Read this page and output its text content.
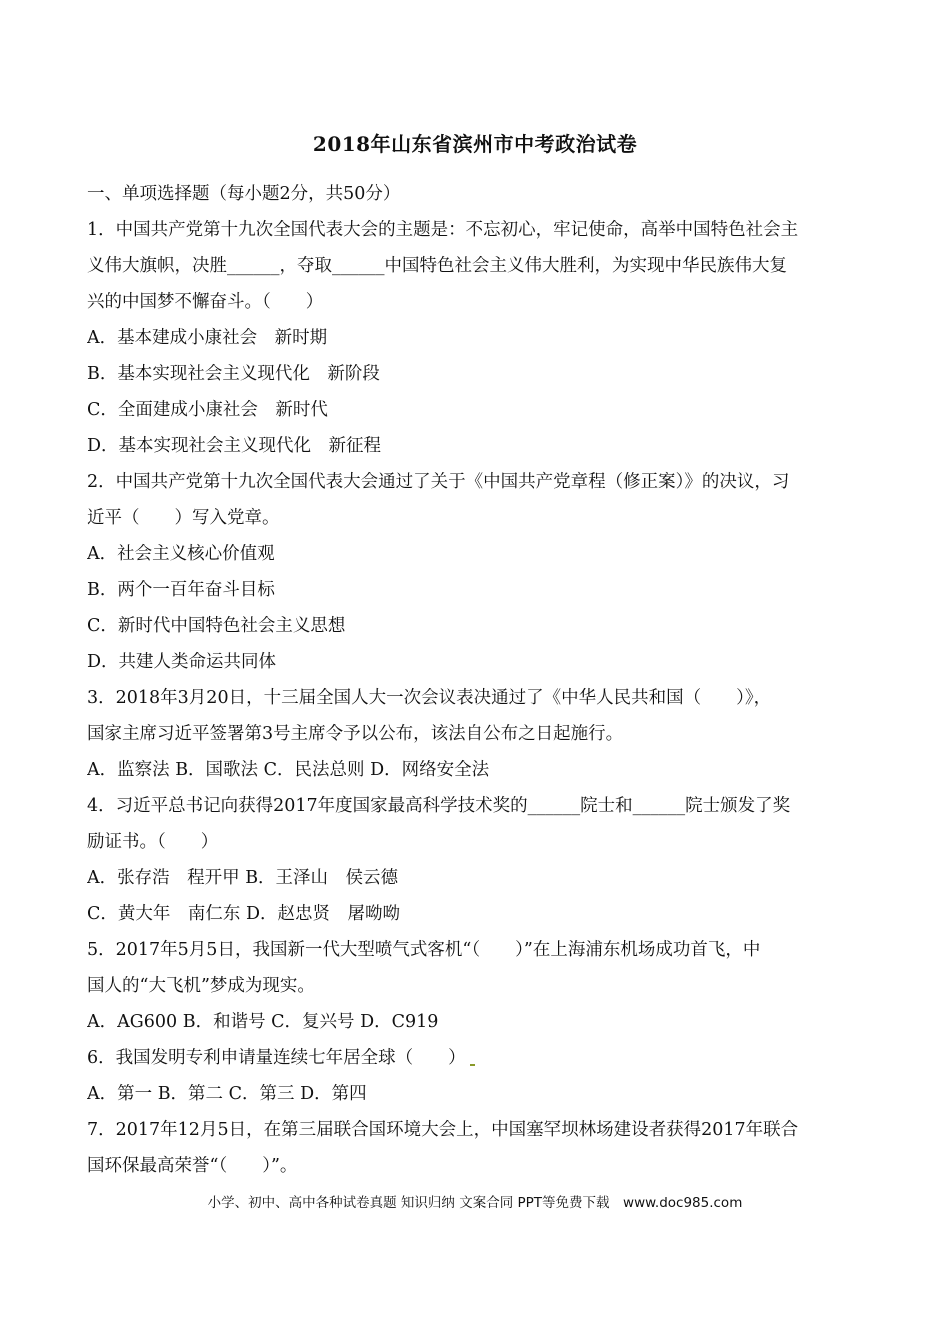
2018年山东省滨州市中考政治试卷
一、单项选择题（每小题2分，共50分）
1．中国共产党第十九次全国代表大会的主题是：不忘初心，牢记使命，高举中国特色社会主
义伟大旗帜，决胜______，夺取______中国特色社会主义伟大胜利，为实现中华民族伟大复
兴的中国梦不懈奋斗。（　　）
A．基本建成小康社会　新时期
B．基本实现社会主义现代化　新阶段
C．全面建成小康社会　新时代
D．基本实现社会主义现代化　新征程
2．中国共产党第十九次全国代表大会通过了关于《中国共产党章程（修正案）》的决议，习
近平（　　）写入党章。
A．社会主义核心价值观
B．两个一百年奋斗目标
C．新时代中国特色社会主义思想
D．共建人类命运共同体
3．2018年3月20日，十三届全国人大一次会议表决通过了《中华人民共和国（　　）》，
国家主席习近平签署第3号主席令予以公布，该法自公布之日起施行。
A．监察法 B．国歌法 C．民法总则 D．网络安全法
4．习近平总书记向获得2017年度国家最高科学技术奖的______院士和______院士颁发了奖
励证书。（　　）
A．张存浩　程开甲 B．王泽山　侯云德
C．黄大年　南仁东 D．赵忠贤　屠呦呦
5．2017年5月5日，我国新一代大型喷气式客机“（　　）”在上海浦东机场成功首飞，中
国人的“大飞机”梦成为现实。
A．AG600 B．和谐号 C．复兴号 D．C919
6．我国发明专利申请量连续七年居全球（　　）
A．第一 B．第二 C．第三 D．第四
7．2017年12月5日，在第三届联合国环境大会上，中国塞罕坝林场建设者获得2017年联合
国环保最高荣誉“（　　）”。
小学、初中、高中各种试卷真题 知识归纳 文案合同 PPT等免费下载　www.doc985.com
